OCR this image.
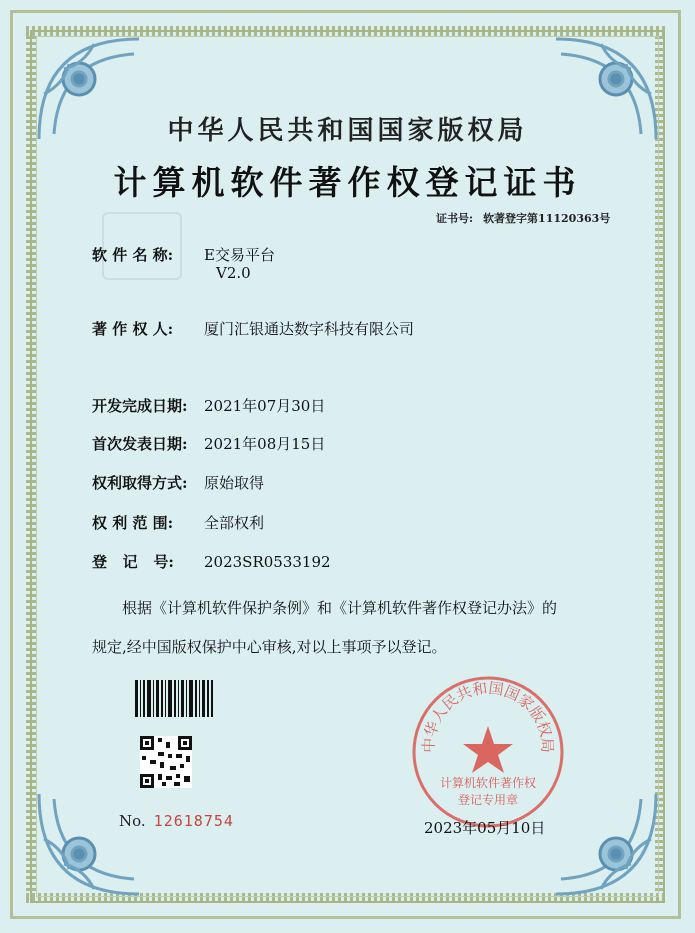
中华人民共和国国家版权局
计算机软件著作权登记证书
证书号: 软著登字第11120363号
软 件 名 称: E交易平台
V2.0
著 作 权 人: 厦门汇银通达数字科技有限公司
开发完成日期: 2021年07月30日
首次发表日期: 2021年08月15日
权利取得方式: 原始取得
权 利 范 围: 全部权利
登   记   号: 2023SR0533192
根据《计算机软件保护条例》和《计算机软件著作权登记办法》的
规定,经中国版权保护中心审核,对以上事项予以登记。
No. 12618754
中华人民共和国国家版权局
计算机软件著作权
登记专用章
2023年05月10日
